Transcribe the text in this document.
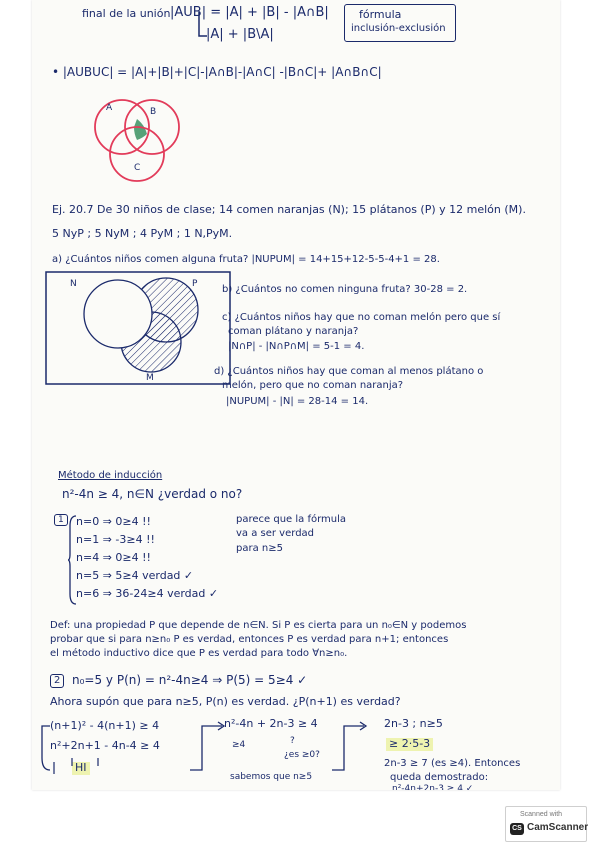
final de la unión |AUB| = |A| + |B| - |A∩B|
|A| + |B\A|
fórmula
inclusión-exclusión
• |AUBUC| = |A|+|B|+|C|-|A∩B|-|A∩C| -|B∩C|+ |A∩B∩C|
A	B
C
Ej. 20.7 De 30 niños de clase; 14 comen naranjas (N); 15 plátanos (P) y 12 melón (M).
5 NyP ; 5 NyM ; 4 PyM ; 1 N,PyM.
a) ¿Cuántos niños comen alguna fruta? |NUPUM| = 14+15+12-5-5-4+1 = 28.
N	P
M
b) ¿Cuántos no comen ninguna fruta? 30-28 = 2.
c) ¿Cuántos niños hay que no coman melón pero que sí
coman plátano y naranja?
|N∩P| - |N∩P∩M| = 5-1 = 4.
d) ¿Cuántos niños hay que coman al menos plátano o
melón, pero que no coman naranja?
|NUPUM| - |N| = 28-14 = 14.
Método de inducción
n²-4n ≥ 4, n∈N ¿verdad o no?
1	n=0 ⇒ 0≥4 !!
n=1 ⇒ -3≥4 !!
n=4 ⇒ 0≥4 !!
n=5 ⇒ 5≥4 verdad ✓
n=6 ⇒ 36-24≥4 verdad ✓
parece que la fórmula
va a ser verdad
para n≥5
Def: una propiedad P que depende de n∈N. Si P es cierta para un n₀∈N y podemos
probar que si para n≥n₀ P es verdad, entonces P es verdad para n+1; entonces
el método inductivo dice que P es verdad para todo ∀n≥n₀.
2 n₀=5 y P(n) = n²-4n≥4 ⇒ P(5) = 5≥4 ✓
Ahora supón que para n≥5, P(n) es verdad. ¿P(n+1) es verdad?
(n+1)² - 4(n+1) ≥ 4
n²+2n+1 - 4n-4 ≥ 4
HI
n²-4n + 2n-3 ≥ 4
≥4	?
¿es ≥0?
sabemos que n≥5
2n-3 ; n≥5
≥ 2·5-3
2n-3 ≥ 7 (es ≥4). Entonces
queda demostrado:
n²-4n+2n-3 ≥ 4 ✓
Scanned with
CS CamScanner
